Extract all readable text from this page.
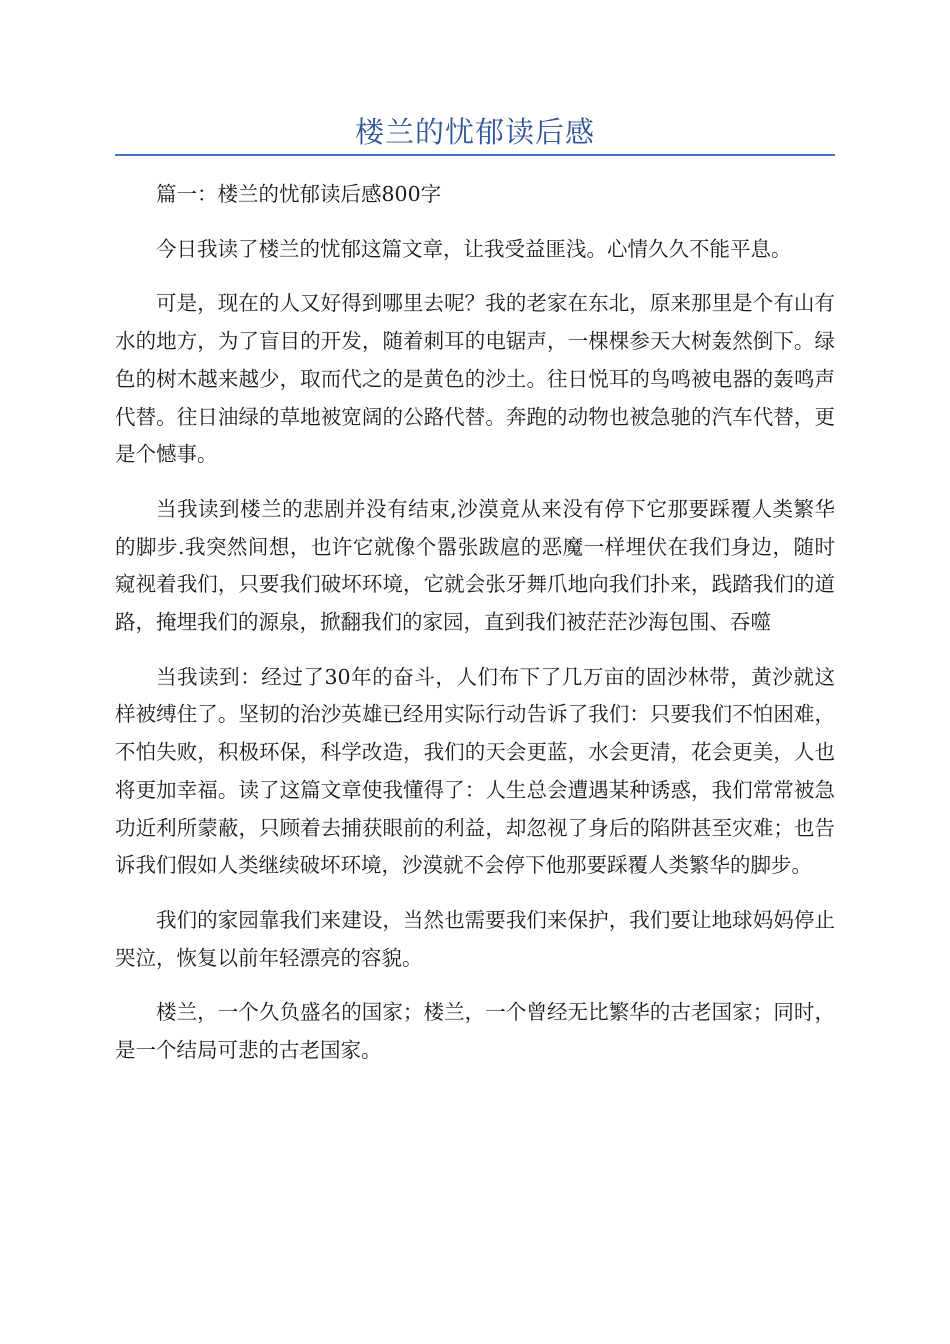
楼兰的忧郁读后感

篇一：楼兰的忧郁读后感800字

今日我读了楼兰的忧郁这篇文章，让我受益匪浅。心情久久不能平息。

可是，现在的人又好得到哪里去呢？我的老家在东北，原来那里是个有山有水的地方，为了盲目的开发，随着刺耳的电锯声，一棵棵参天大树轰然倒下。绿色的树木越来越少，取而代之的是黄色的沙土。往日悦耳的鸟鸣被电器的轰鸣声代替。往日油绿的草地被宽阔的公路代替。奔跑的动物也被急驰的汽车代替，更是个憾事。

当我读到楼兰的悲剧并没有结束,沙漠竟从来没有停下它那要踩覆人类繁华的脚步.我突然间想，也许它就像个嚣张跋扈的恶魔一样埋伏在我们身边，随时窥视着我们，只要我们破坏环境，它就会张牙舞爪地向我们扑来，践踏我们的道路，掩埋我们的源泉，掀翻我们的家园，直到我们被茫茫沙海包围、吞噬

当我读到：经过了30年的奋斗，人们布下了几万亩的固沙林带，黄沙就这样被缚住了。坚韧的治沙英雄已经用实际行动告诉了我们：只要我们不怕困难，不怕失败，积极环保，科学改造，我们的天会更蓝，水会更清，花会更美，人也将更加幸福。读了这篇文章使我懂得了：人生总会遭遇某种诱惑，我们常常被急功近利所蒙蔽，只顾着去捕获眼前的利益，却忽视了身后的陷阱甚至灾难；也告诉我们假如人类继续破坏环境，沙漠就不会停下他那要踩覆人类繁华的脚步。

我们的家园靠我们来建设，当然也需要我们来保护，我们要让地球妈妈停止哭泣，恢复以前年轻漂亮的容貌。

楼兰，一个久负盛名的国家；楼兰，一个曾经无比繁华的古老国家；同时，是一个结局可悲的古老国家。
